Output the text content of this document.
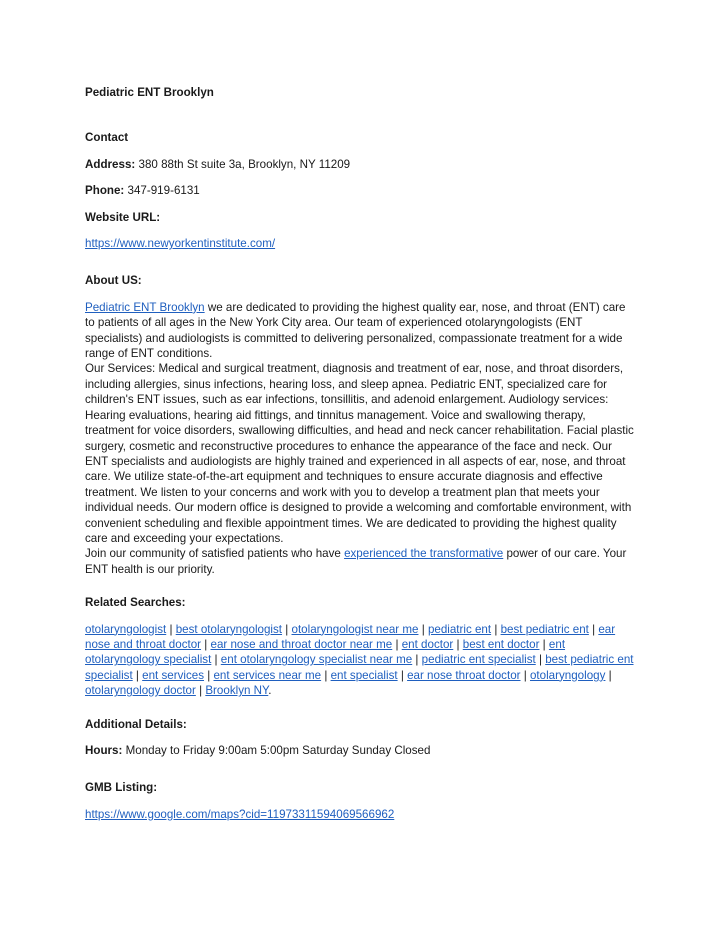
Pediatric ENT Brooklyn

Contact

Address: 380 88th St suite 3a, Brooklyn, NY 11209

Phone: 347-919-6131

Website URL:

https://www.newyorkentinstitute.com/

About US:

Pediatric ENT Brooklyn we are dedicated to providing the highest quality ear, nose, and throat (ENT) care to patients of all ages in the New York City area. Our team of experienced otolaryngologists (ENT specialists) and audiologists is committed to delivering personalized, compassionate treatment for a wide range of ENT conditions.

Our Services: Medical and surgical treatment, diagnosis and treatment of ear, nose, and throat disorders, including allergies, sinus infections, hearing loss, and sleep apnea. Pediatric ENT, specialized care for children's ENT issues, such as ear infections, tonsillitis, and adenoid enlargement. Audiology services: Hearing evaluations, hearing aid fittings, and tinnitus management. Voice and swallowing therapy, treatment for voice disorders, swallowing difficulties, and head and neck cancer rehabilitation. Facial plastic surgery, cosmetic and reconstructive procedures to enhance the appearance of the face and neck. Our ENT specialists and audiologists are highly trained and experienced in all aspects of ear, nose, and throat care. We utilize state-of-the-art equipment and techniques to ensure accurate diagnosis and effective treatment. We listen to your concerns and work with you to develop a treatment plan that meets your individual needs. Our modern office is designed to provide a welcoming and comfortable environment, with convenient scheduling and flexible appointment times. We are dedicated to providing the highest quality care and exceeding your expectations.

Join our community of satisfied patients who have experienced the transformative power of our care. Your ENT health is our priority.

Related Searches:

otolaryngologist | best otolaryngologist | otolaryngologist near me | pediatric ent | best pediatric ent | ear nose and throat doctor | ear nose and throat doctor near me | ent doctor | best ent doctor | ent otolaryngology specialist | ent otolaryngology specialist near me | pediatric ent specialist | best pediatric ent specialist | ent services | ent services near me | ent specialist | ear nose throat doctor | otolaryngology | otolaryngology doctor | Brooklyn NY.

Additional Details:

Hours: Monday to Friday 9:00am 5:00pm Saturday Sunday Closed

GMB Listing:

https://www.google.com/maps?cid=11973311594069566962
